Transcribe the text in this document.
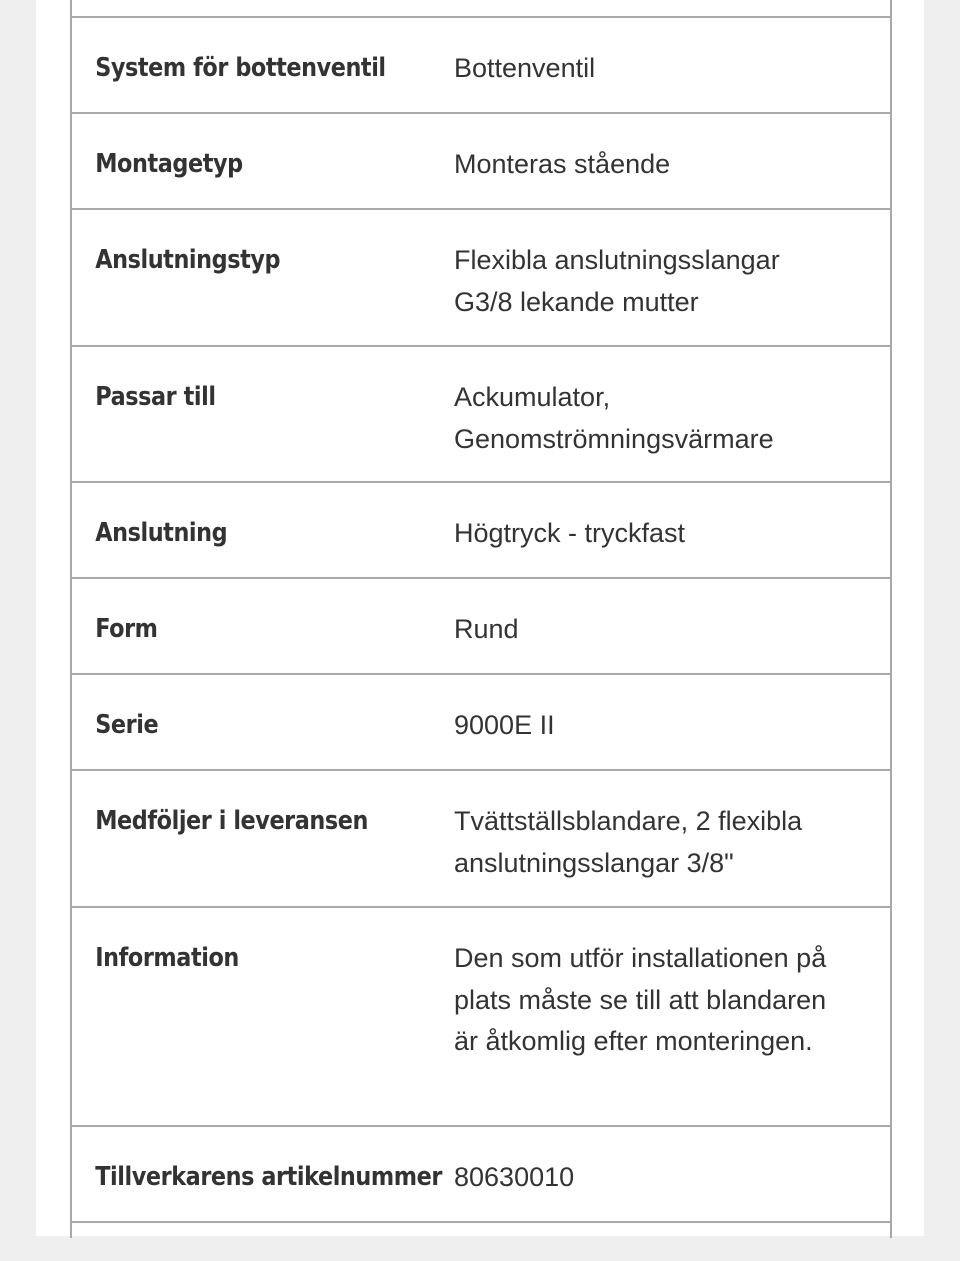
System för bottenventil	Bottenventil
Montagetyp	Monteras stående
Anslutningstyp	Flexibla anslutningsslangar G3/8 lekande mutter
Passar till	Ackumulator, Genomströmningsvärmare
Anslutning	Högtryck - tryckfast
Form	Rund
Serie	9000E II
Medföljer i leveransen	Tvättställsblandare, 2 flexibla anslutningsslangar 3/8"
Information	Den som utför installationen på plats måste se till att blandaren är åtkomlig efter monteringen.
Tillverkarens artikelnummer 80630010
